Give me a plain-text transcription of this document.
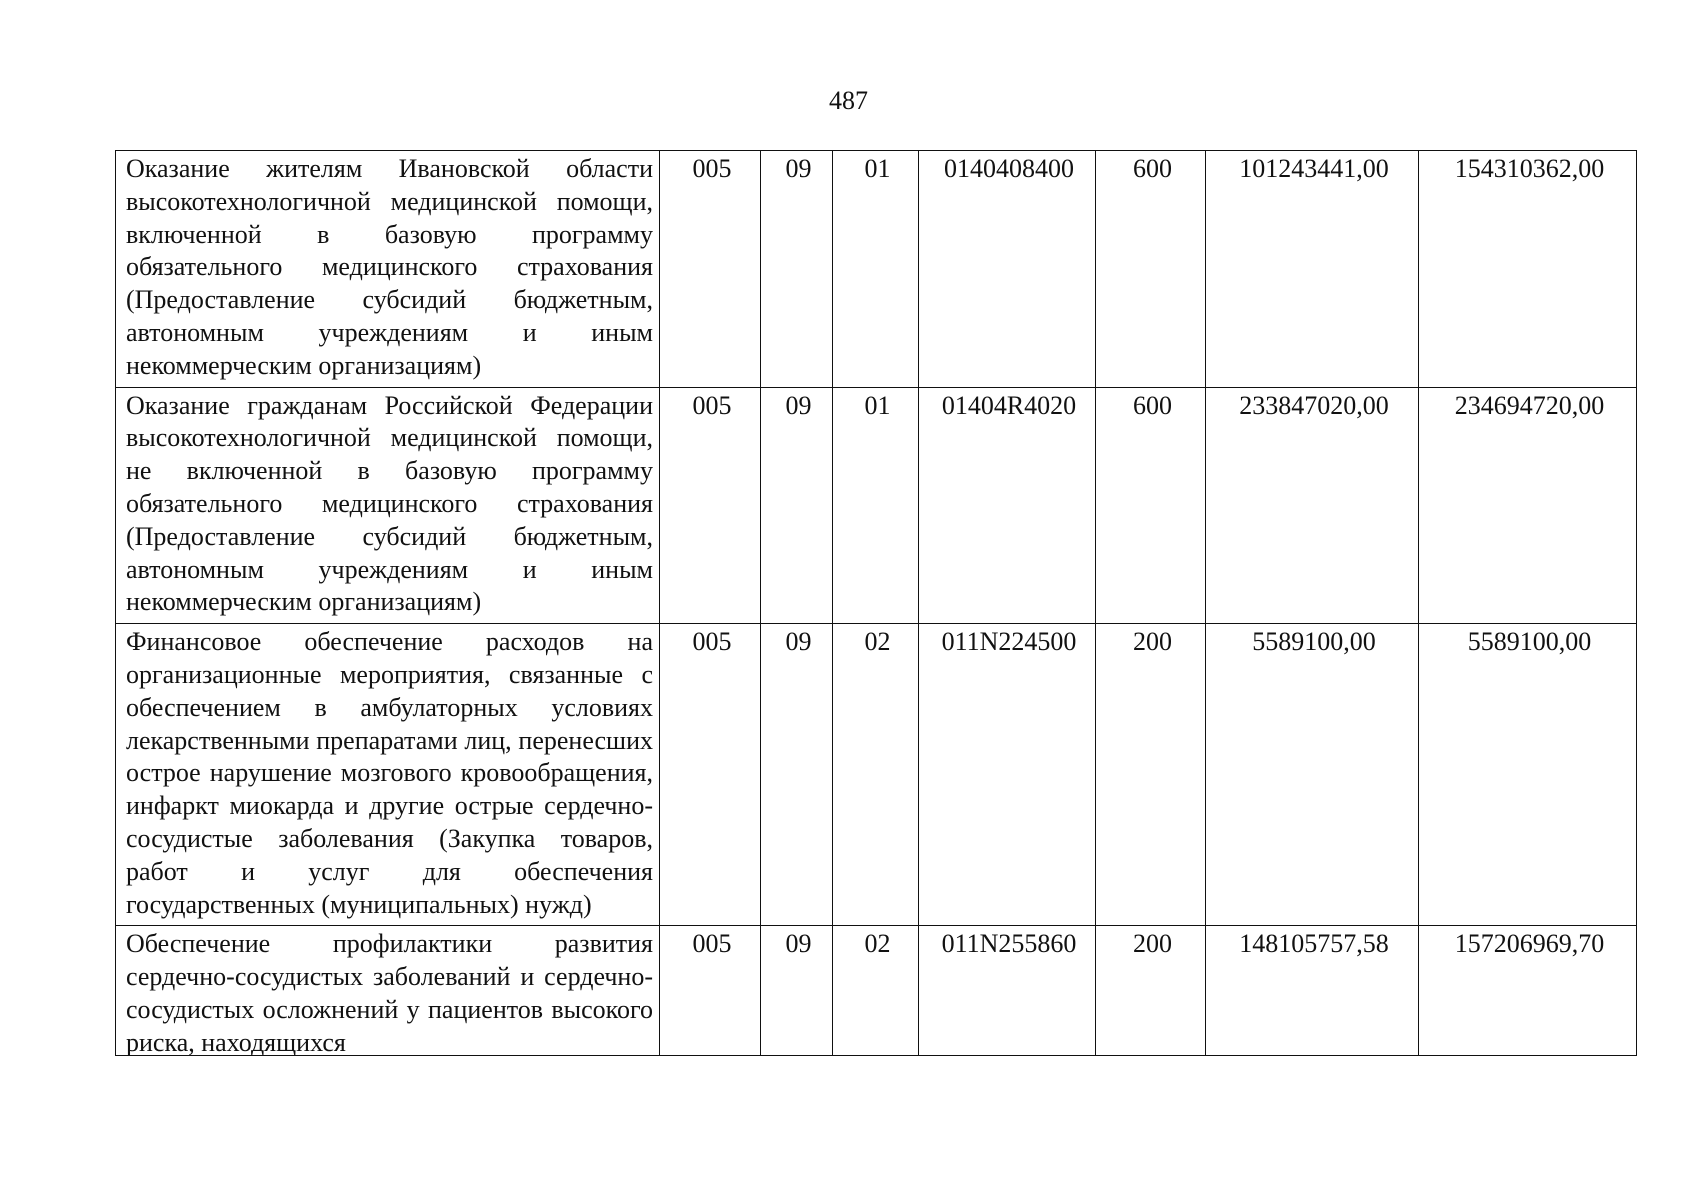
487
Оказание жителям Ивановской области высокотехнологичной медицинской помощи, включенной в базовую программу обязательного медицинского страхования (Предоставление субсидий бюджетным, автономным учреждениям и иным некоммерческим организациям)	005	09	01	0140408400	600	101243441,00	154310362,00
Оказание гражданам Российской Федерации высокотехнологичной медицинской помощи, не включенной в базовую программу обязательного медицинского страхования (Предоставление субсидий бюджетным, автономным учреждениям и иным некоммерческим организациям)	005	09	01	01404R4020	600	233847020,00	234694720,00
Финансовое обеспечение расходов на организационные мероприятия, связанные с обеспечением в амбулаторных условиях лекарственными препаратами лиц, перенесших острое нарушение мозгового кровообращения, инфаркт миокарда и другие острые сердечно-сосудистые заболевания (Закупка товаров, работ и услуг для обеспечения государственных (муниципальных) нужд)	005	09	02	011N224500	200	5589100,00	5589100,00

Обеспечение профилактики развития сердечно-сосудистых заболеваний и сердечно-сосудистых осложнений у пациентов высокого риска, находящихся	005	09	02	011N255860	200	148105757,58	157206969,70
